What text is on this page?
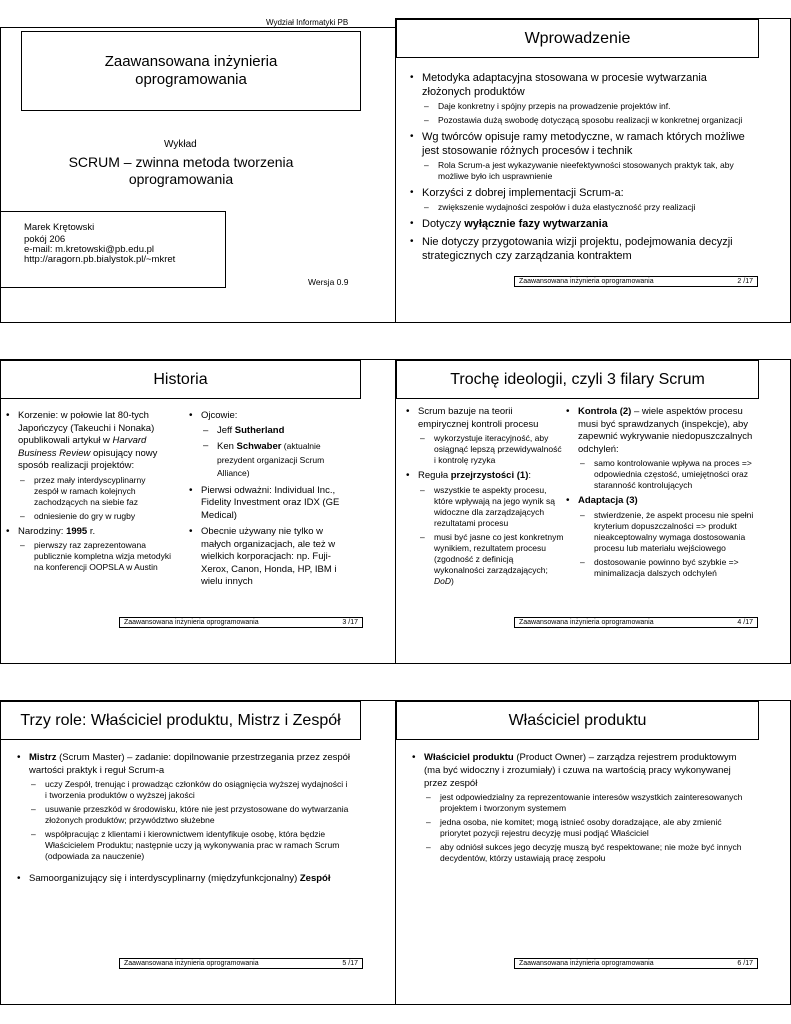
Wydział Informatyki PB
Zaawansowana inżynieria oprogramowania
Wykład
SCRUM – zwinna metoda tworzenia oprogramowania
Marek Krętowski
pokój 206
e-mail: m.kretowski@pb.edu.pl
http://aragorn.pb.bialystok.pl/~mkret
Wersja 0.9
Wprowadzenie
• Metodyka adaptacyjna stosowana w procesie wytwarzania złożonych produktów
– Daje konkretny i spójny przepis na prowadzenie projektów inf.
– Pozostawia dużą swobodę dotyczącą sposobu realizacji w konkretnej organizacji
• Wg twórców opisuje ramy metodyczne, w ramach których możliwe jest stosowanie różnych procesów i technik
– Rola Scrum-a jest wykazywanie nieefektywności stosowanych praktyk tak, aby możliwe było ich usprawnienie
• Korzyści z dobrej implementacji Scrum-a:
– zwiększenie wydajności zespołów i duża elastyczność przy realizacji
• Dotyczy wyłącznie fazy wytwarzania
• Nie dotyczy przygotowania wizji projektu, podejmowania decyzji strategicznych czy zarządzania kontraktem
Zaawansowana inżynieria oprogramowania	2 /17
Historia
• Korzenie: w połowie lat 80-tych Japończycy (Takeuchi i Nonaka) opublikowali artykuł w Harvard Business Review opisujący nowy sposób realizacji projektów:
– przez mały interdyscyplinarny zespół w ramach kolejnych zachodzących na siebie faz
– odniesienie do gry w rugby
• Narodziny: 1995 r.
– pierwszy raz zaprezentowana publicznie kompletna wizja metodyki na konferencji OOPSLA w Austin
• Ojcowie:
– Jeff Sutherland
– Ken Schwaber (aktualnie prezydent organizacji Scrum Alliance)
• Pierwsi odważni: Individual Inc., Fidelity Investment oraz IDX (GE Medical)
• Obecnie używany nie tylko w małych organizacjach, ale też w wielkich korporacjach: np. Fuji-Xerox, Canon, Honda, HP, IBM i wielu innych
Zaawansowana inżynieria oprogramowania	3 /17
Trochę ideologii, czyli 3 filary Scrum
• Scrum bazuje na teorii empirycznej kontroli procesu
– wykorzystuje iteracyjność, aby osiągnąć lepszą przewidywalność i kontrolę ryzyka
• Reguła przejrzystości (1):
– wszystkie te aspekty procesu, które wpływają na jego wynik są widoczne dla zarządzających rezultatami procesu
– musi być jasne co jest konkretnym wynikiem, rezultatem procesu (zgodność z definicją wykonalności zarządzających; DoD)
• Kontrola (2) – wiele aspektów procesu musi być sprawdzanych (inspekcje), aby zapewnić wykrywanie niedopuszczalnych odchyleń:
– samo kontrolowanie wpływa na proces => odpowiednia częstość, umiejętności oraz staranność kontrolujących
• Adaptacja (3)
– stwierdzenie, że aspekt procesu nie spełni kryterium dopuszczalności => produkt nieakceptowalny wymaga dostosowania procesu lub materiału wejściowego
– dostosowanie powinno być szybkie => minimalizacja dalszych odchyleń
Zaawansowana inżynieria oprogramowania	4 /17
Trzy role: Właściciel produktu, Mistrz i Zespół
• Mistrz (Scrum Master) – zadanie: dopilnowanie przestrzegania przez zespół wartości praktyk i reguł Scrum-a
– uczy Zespół, trenując i prowadząc członków do osiągnięcia wyższej wydajności i i tworzenia produktów o wyższej jakości
– usuwanie przeszkód w środowisku, które nie jest przystosowane do wytwarzania złożonych produktów; przywództwo służebne
– współpracując z klientami i kierownictwem identyfikuje osobę, która będzie Właścicielem Produktu; następnie uczy ją wykonywania prac w ramach Scrum (odpowiada za nauczenie)
• Samoorganizujący się i interdyscyplinarny (międzyfunkcjonalny) Zespół
Zaawansowana inżynieria oprogramowania	5 /17
Właściciel produktu
• Właściciel produktu (Product Owner) – zarządza rejestrem produktowym (ma być widoczny i zrozumiały) i czuwa na wartością pracy wykonywanej przez zespół
– jest odpowiedzialny za reprezentowanie interesów wszystkich zainteresowanych projektem i tworzonym systemem
– jedna osoba, nie komitet; mogą istnieć osoby doradzające, ale aby zmienić priorytet pozycji rejestru decyzję musi podjąć Właściciel
– aby odniósł sukces jego decyzję muszą być respektowane; nie może być innych decydentów, którzy ustawiają pracę zespołu
Zaawansowana inżynieria oprogramowania	6 /17
